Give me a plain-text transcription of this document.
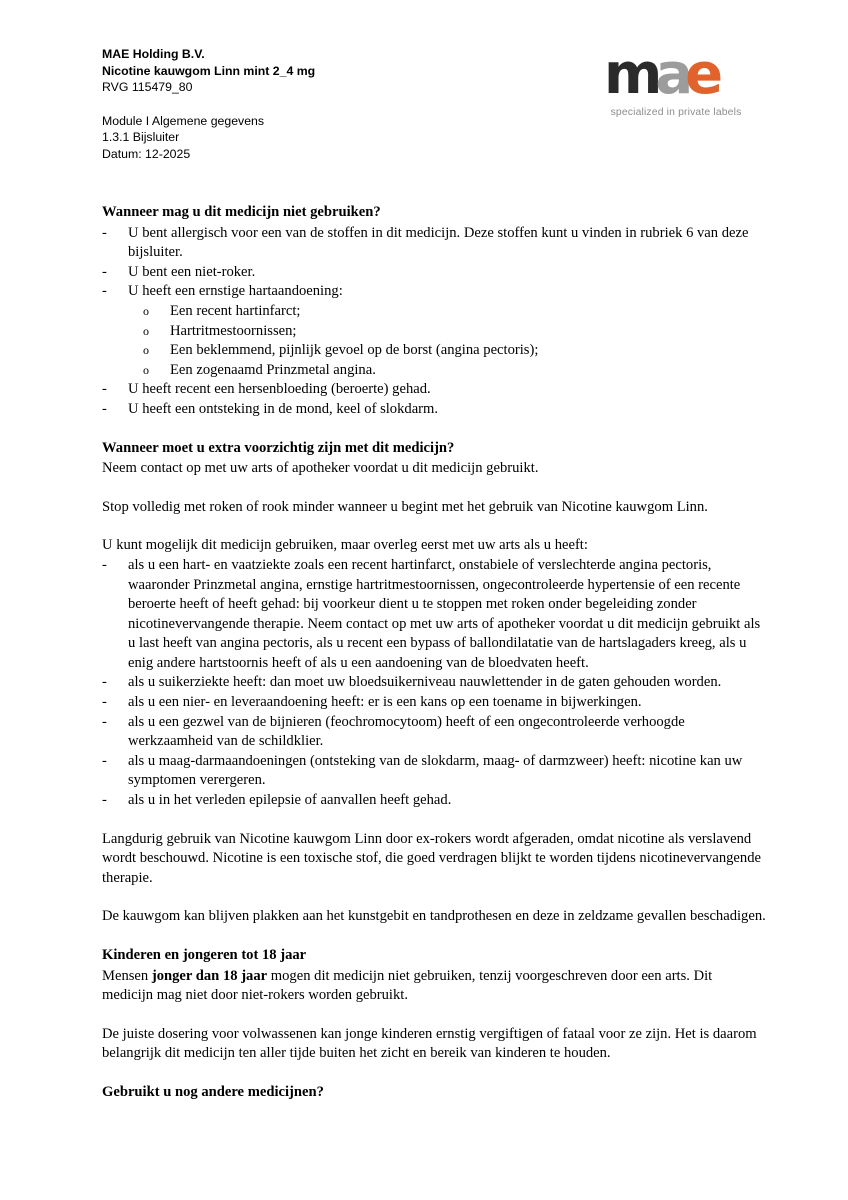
MAE Holding B.V.
Nicotine kauwgom Linn mint 2_4 mg
RVG 115479_80
Module I Algemene gegevens
1.3.1 Bijsluiter
Datum: 12-2025
mae
specialized in private labels
Wanneer mag u dit medicijn niet gebruiken?
-	U bent allergisch voor een van de stoffen in dit medicijn. Deze stoffen kunt u vinden in rubriek 6 van deze bijsluiter.
-	U bent een niet-roker.
-	U heeft een ernstige hartaandoening:
o Een recent hartinfarct;
o Hartritmestoornissen;
o Een beklemmend, pijnlijk gevoel op de borst (angina pectoris);
o Een zogenaamd Prinzmetal angina.
-	U heeft recent een hersenbloeding (beroerte) gehad.
-	U heeft een ontsteking in de mond, keel of slokdarm.
Wanneer moet u extra voorzichtig zijn met dit medicijn?

Neem contact op met uw arts of apotheker voordat u dit medicijn gebruikt.

Stop volledig met roken of rook minder wanneer u begint met het gebruik van Nicotine kauwgom Linn.

U kunt mogelijk dit medicijn gebruiken, maar overleg eerst met uw arts als u heeft:

-	als u een hart- en vaatziekte zoals een recent hartinfarct, onstabiele of verslechterde angina pectoris, waaronder Prinzmetal angina, ernstige hartritmestoornissen, ongecontroleerde hypertensie of een recente beroerte heeft of heeft gehad: bij voorkeur dient u te stoppen met roken onder begeleiding zonder nicotinevervangende therapie. Neem contact op met uw arts of apotheker voordat u dit medicijn gebruikt als u last heeft van angina pectoris, als u recent een bypass of ballondilatatie van de hartslagaders kreeg, als u enig andere hartstoornis heeft of als u een aandoening van de bloedvaten heeft.
-	als u suikerziekte heeft: dan moet uw bloedsuikerniveau nauwlettender in de gaten gehouden worden.
-	als u een nier- en leveraandoening heeft: er is een kans op een toename in bijwerkingen.
-	als u een gezwel van de bijnieren (feochromocytoom) heeft of een ongecontroleerde verhoogde werkzaamheid van de schildklier.
-	als u maag-darmaandoeningen (ontsteking van de slokdarm, maag- of darmzweer) heeft: nicotine kan uw symptomen verergeren.
-	als u in het verleden epilepsie of aanvallen heeft gehad.

Langdurig gebruik van Nicotine kauwgom Linn door ex-rokers wordt afgeraden, omdat nicotine als verslavend wordt beschouwd. Nicotine is een toxische stof, die goed verdragen blijkt te worden tijdens nicotinevervangende therapie.

De kauwgom kan blijven plakken aan het kunstgebit en tandprothesen en deze in zeldzame gevallen beschadigen.

Kinderen en jongeren tot 18 jaar

Mensen jonger dan 18 jaar mogen dit medicijn niet gebruiken, tenzij voorgeschreven door een arts. Dit medicijn mag niet door niet-rokers worden gebruikt.

De juiste dosering voor volwassenen kan jonge kinderen ernstig vergiftigen of fataal voor ze zijn. Het is daarom belangrijk dit medicijn ten aller tijde buiten het zicht en bereik van kinderen te houden.

Gebruikt u nog andere medicijnen?
